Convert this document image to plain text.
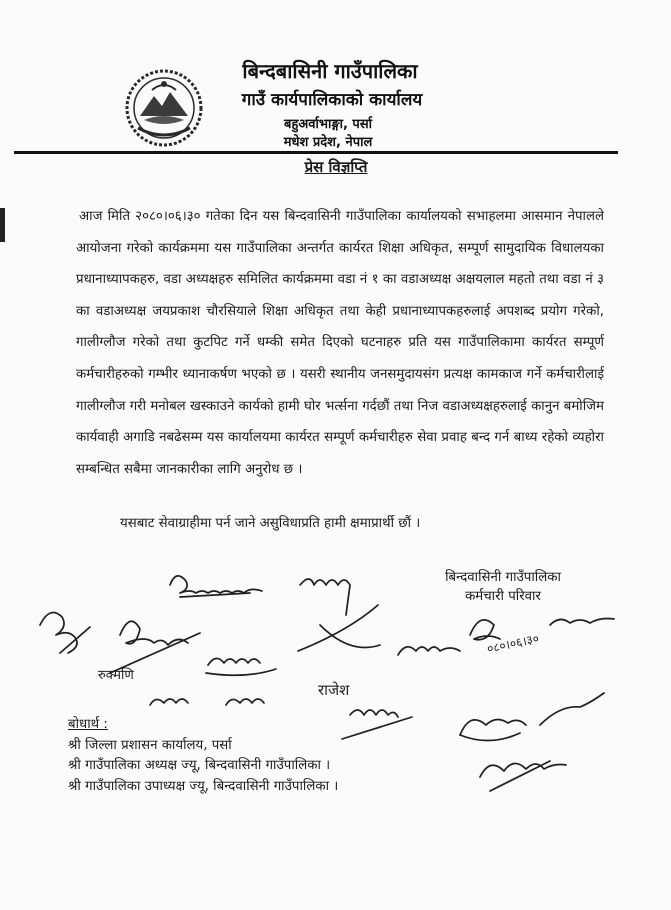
बिन्दबासिनी गाउँपालिका
गाउँ कार्यपालिकाको कार्यालय
बहुअर्वाभाङ्गा, पर्सा
मधेश प्रदेश, नेपाल
प्रेस विज्ञप्ति
आज मिति २०८०।०६।३० गतेका दिन यस बिन्दवासिनी गाउँपालिका कार्यालयको सभाहलमा आसमान नेपालले आयोजना गरेको कार्यक्रममा यस गाउँपालिका अन्तर्गत कार्यरत शिक्षा अधिकृत, सम्पूर्ण सामुदायिक विधालयका प्रधानाध्यापकहरु, वडा अध्यक्षहरु समिलित कार्यक्रममा वडा नं १ का वडाअध्यक्ष अक्षयलाल महतो तथा वडा नं ३ का वडाअध्यक्ष जयप्रकाश चौरसियाले शिक्षा अधिकृत तथा केही प्रधानाध्यापकहरुलाई अपशब्द प्रयोग गरेको, गालीग्लौज गरेको तथा कुटपिट गर्ने धम्की समेत दिएको घटनाहरु प्रति यस गाउँपालिकामा कार्यरत सम्पूर्ण कर्मचारीहरुको गम्भीर ध्यानाकर्षण भएको छ । यसरी स्थानीय जनसमुदायसंग प्रत्यक्ष कामकाज गर्ने कर्मचारीलाई गालीग्लौज गरी मनोबल खस्काउने कार्यको हामी घोर भर्त्सना गर्दछौं तथा निज वडाअध्यक्षहरुलाई कानुन बमोजिम कार्यवाही अगाडि नबढेसम्म यस कार्यालयमा कार्यरत सम्पूर्ण कर्मचारीहरु सेवा प्रवाह बन्द गर्न बाध्य रहेको व्यहोरा सम्बन्धित सबैमा जानकारीका लागि अनुरोध छ ।
यसबाट सेवाग्राहीमा पर्न जाने असुविधाप्रति हामी क्षमाप्रार्थी छौं ।
बिन्दवासिनी गाउँपालिका
कर्मचारी परिवार
रुक्मणि
राजेश
०८०।०६।३०
बोधार्थ :
श्री जिल्ला प्रशासन कार्यालय, पर्सा
श्री गाउँपालिका अध्यक्ष ज्यू, बिन्दवासिनी गाउँपालिका ।
श्री गाउँपालिका उपाध्यक्ष ज्यू, बिन्दवासिनी गाउँपालिका ।
